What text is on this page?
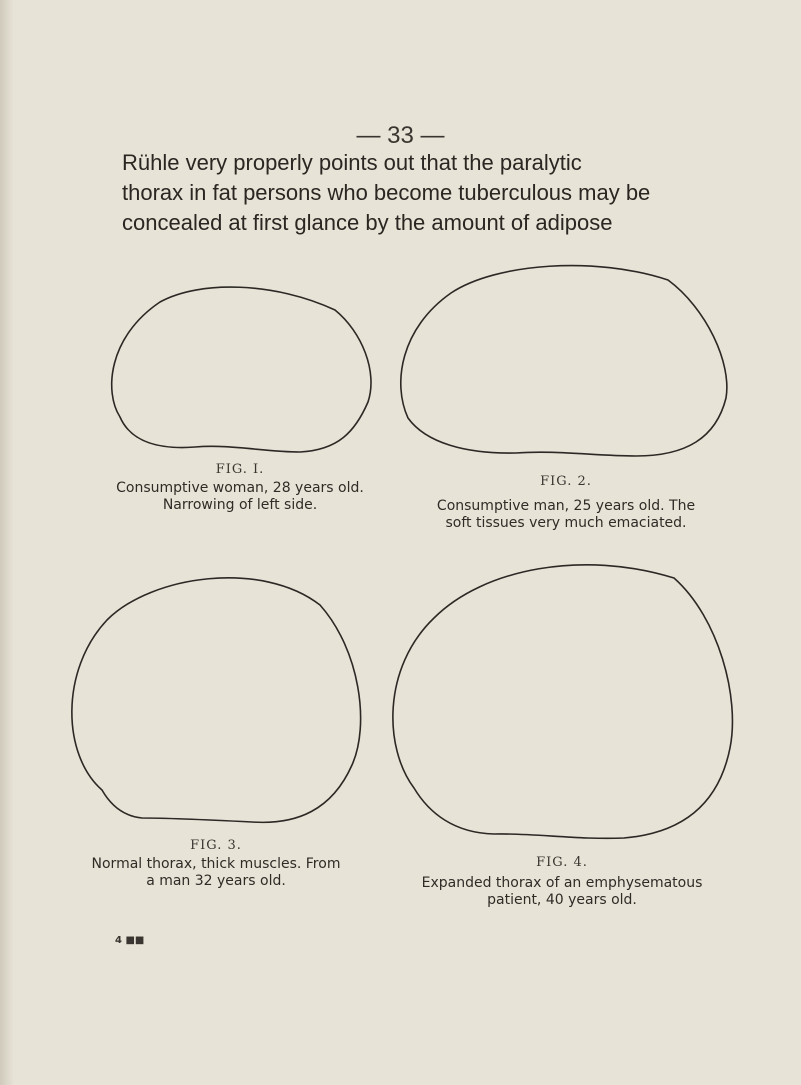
— 33 —
Rühle very properly points out that the paralytic
thorax in fat persons who become tuberculous may be
concealed at first glance by the amount of adipose
FIG. I.
Consumptive woman, 28 years old.
Narrowing of left side.
FIG. 2.
Consumptive man, 25 years old. The
soft tissues very much emaciated.
FIG. 3.
Normal thorax, thick muscles. From
a man 32 years old.
FIG. 4.
Expanded thorax of an emphysematous
patient, 40 years old.
4 ■■
